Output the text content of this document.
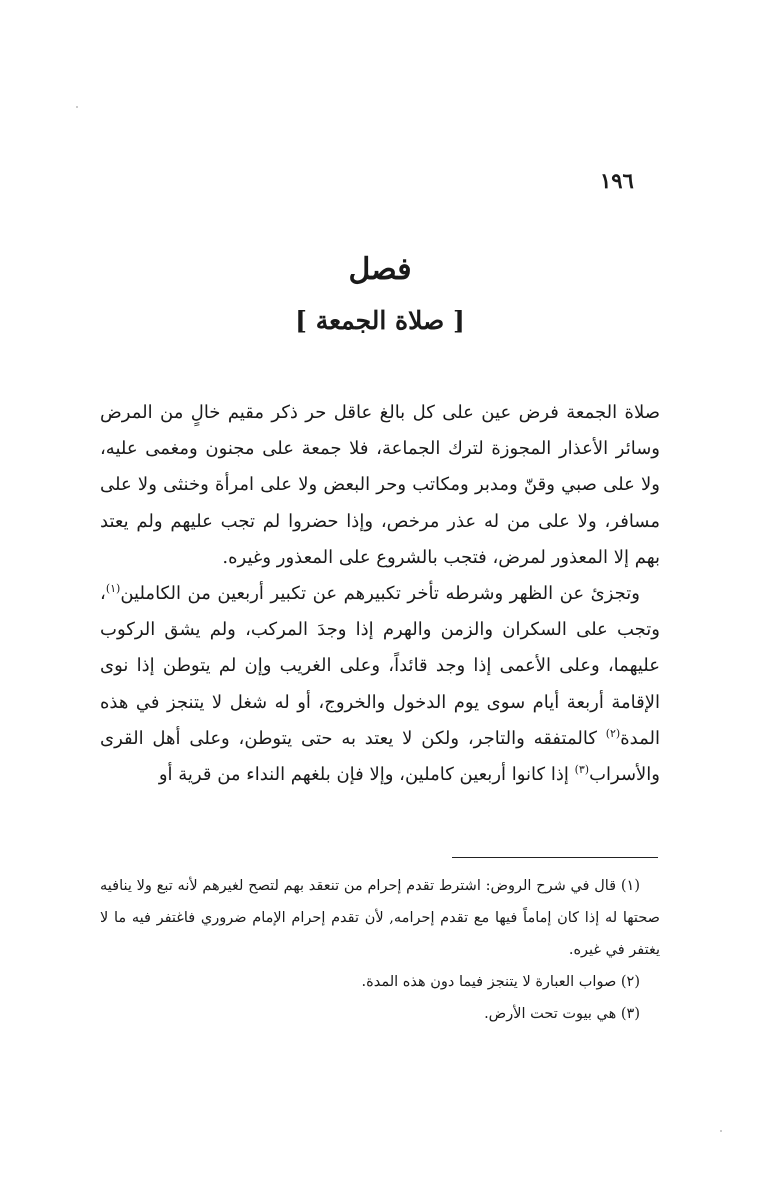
١٩٦
فصل
[ صلاة الجمعة ]

صلاة الجمعة فرض عين على كل بالغ عاقل حر ذكر مقيم خالٍ من المرض وسائر الأعذار المجوزة لترك الجماعة، فلا جمعة على مجنون ومغمى عليه، ولا على صبي وقنّ ومدبر ومكاتب وحر البعض ولا على امرأة وخنثى ولا على مسافر، ولا على من له عذر مرخص، وإذا حضروا لم تجب عليهم ولم يعتد بهم إلا المعذور لمرض، فتجب بالشروع على المعذور وغيره.

وتجزئ عن الظهر وشرطه تأخر تكبيرهم عن تكبير أربعين من الكاملين$^{(١)}$، وتجب على السكران والزمن والهرم إذا وجدَ المركب، ولم يشق الركوب عليهما، وعلى الأعمى إذا وجد قائداً، وعلى الغريب وإن لم يتوطن إذا نوى الإقامة أربعة أيام سوى يوم الدخول والخروج، أو له شغل لا يتنجز في هذه المدة$^{(٢)}$ كالمتفقه والتاجر، ولكن لا يعتد به حتى يتوطن، وعلى أهل القرى والأسراب$^{(٣)}$ إذا كانوا أربعين كاملين، وإلا فإن بلغهم النداء من قرية أو

(١) قال في شرح الروض: اشترط تقدم إحرام من تنعقد بهم لتصح لغيرهم لأنه تبع ولا ينافيه صحتها له إذا كان إماماً فيها مع تقدم إحرامه, لأن تقدم إحرام الإمام ضروري فاغتفر فيه ما لا يغتفر في غيره.

(٢) صواب العبارة لا يتنجز فيما دون هذه المدة.

(٣) هي بيوت تحت الأرض.
